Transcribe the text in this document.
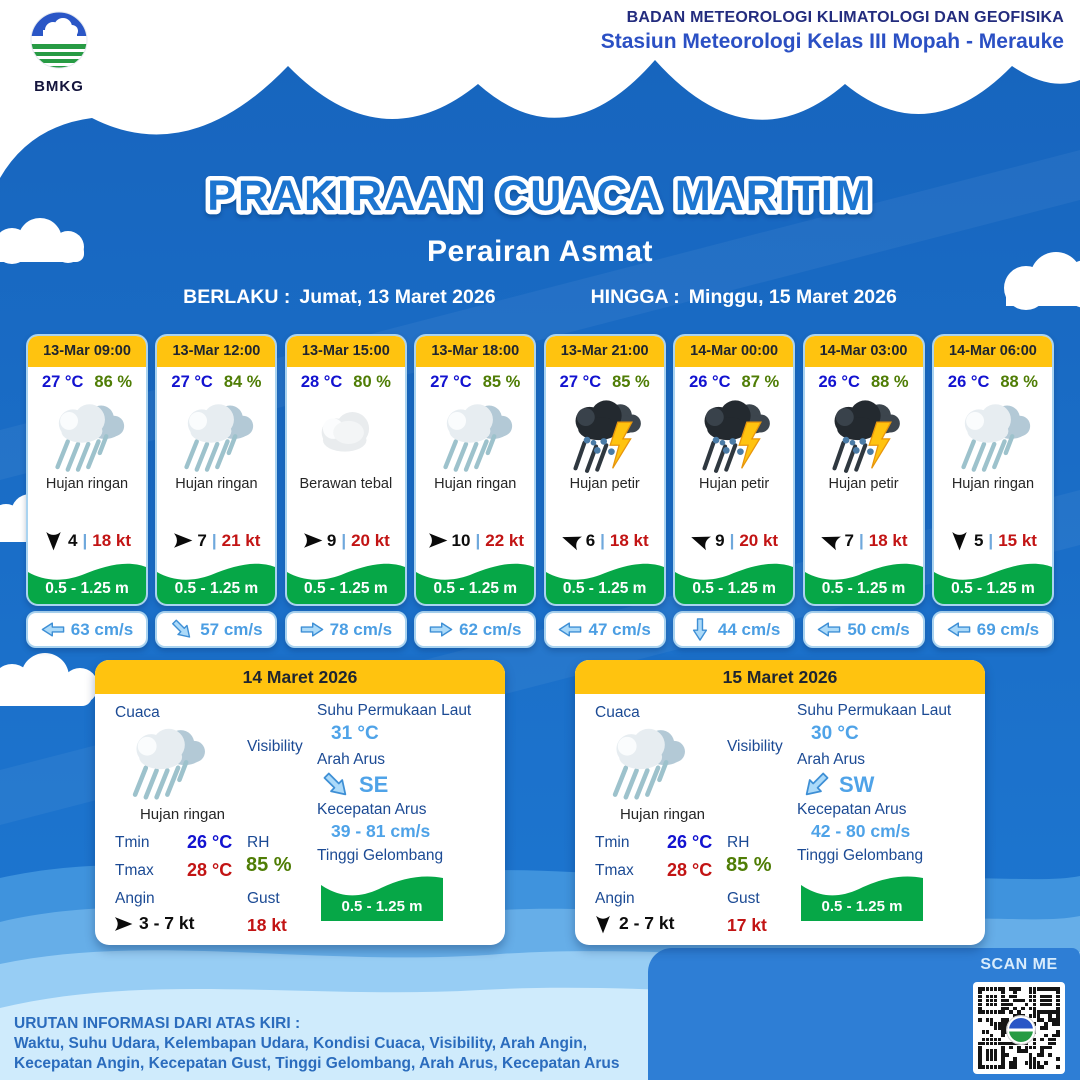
BMKG
BADAN METEOROLOGI KLIMATOLOGI DAN GEOFISIKA
Stasiun Meteorologi Kelas III Mopah - Merauke
PRAKIRAAN CUACA MARITIM
Perairan Asmat
BERLAKU : Jumat, 13 Maret 2026	HINGGA : Minggu, 15 Maret 2026
13-Mar 09:00
27 °C 86 %
Hujan ringan
4 | 18 kt
0.5 - 1.25 m
63 cm/s
13-Mar 12:00
27 °C 84 %
Hujan ringan
7 | 21 kt
0.5 - 1.25 m
57 cm/s
13-Mar 15:00
28 °C 80 %
Berawan tebal
9 | 20 kt
0.5 - 1.25 m
78 cm/s
13-Mar 18:00
27 °C 85 %
Hujan ringan
10 | 22 kt
0.5 - 1.25 m
62 cm/s
13-Mar 21:00
27 °C 85 %
Hujan petir
6 | 18 kt
0.5 - 1.25 m
47 cm/s
14-Mar 00:00
26 °C 87 %
Hujan petir
9 | 20 kt
0.5 - 1.25 m
44 cm/s
14-Mar 03:00
26 °C 88 %
Hujan petir
7 | 18 kt
0.5 - 1.25 m
50 cm/s
14-Mar 06:00
26 °C 88 %
Hujan ringan
5 | 15 kt
0.5 - 1.25 m
69 cm/s
14 Maret 2026
Cuaca
Hujan ringan
Tmin 26 °C
Tmax 28 °C
Angin
3 - 7 kt
Visibility
RH
85 %
Gust
18 kt
Suhu Permukaan Laut
31 °C
Arah Arus
SE
Kecepatan Arus
39 - 81 cm/s
Tinggi Gelombang
0.5 - 1.25 m
15 Maret 2026
Cuaca
Hujan ringan
Tmin 26 °C
Tmax 28 °C
Angin
2 - 7 kt
Visibility
RH
85 %
Gust
17 kt
Suhu Permukaan Laut
30 °C
Arah Arus
SW
Kecepatan Arus
42 - 80 cm/s
Tinggi Gelombang
0.5 - 1.25 m
URUTAN INFORMASI DARI ATAS KIRI :
Waktu, Suhu Udara, Kelembapan Udara, Kondisi Cuaca, Visibility, Arah Angin,
Kecepatan Angin, Kecepatan Gust, Tinggi Gelombang, Arah Arus, Kecepatan Arus
SCAN ME
